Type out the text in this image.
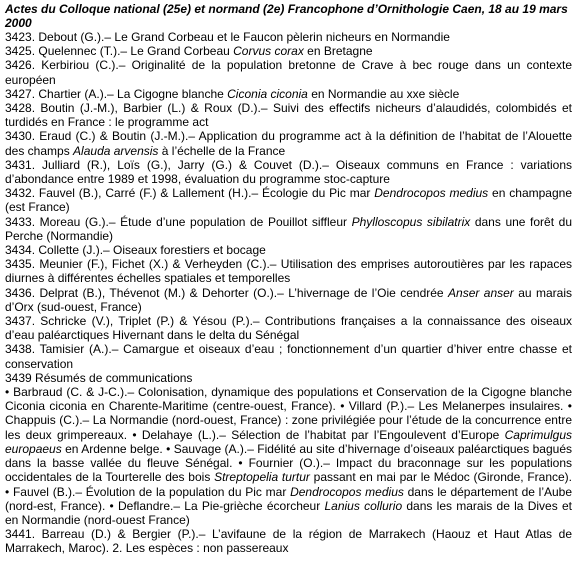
Actes du Colloque national (25e) et normand (2e) Francophone d’Ornithologie Caen, 18 au 19 mars 2000

3423. Debout (G.).– Le Grand Corbeau et le Faucon pèlerin nicheurs en Normandie

3425. Quelennec (T.).– Le Grand Corbeau Corvus corax en Bretagne

3426. Kerbiriou (C.).– Originalité de la population bretonne de Crave à bec rouge dans un contexte européen

3427. Chartier (A.).– La Cigogne blanche Ciconia ciconia en Normandie au xxe siècle

3428. Boutin (J.-M.), Barbier (L.) & Roux (D.).– Suivi des effectifs nicheurs d’alaudidés, colombidés et turdidés en France : le programme act

3430. Eraud (C.) & Boutin (J.-M.).– Application du programme act à la définition de l’habitat de l’Alouette des champs Alauda arvensis à l’échelle de la France

3431. Julliard (R.), Loïs (G.), Jarry (G.) & Couvet (D.).– Oiseaux communs en France : variations d’abondance entre 1989 et 1998, évaluation du programme stoc-capture

3432. Fauvel (B.), Carré (F.) & Lallement (H.).– Écologie du Pic mar Dendrocopos medius en champagne (est France)

3433. Moreau (G.).– Étude d’une population de Pouillot siffleur Phylloscopus sibilatrix dans une forêt du Perche (Normandie)

3434. Collette (J.).– Oiseaux forestiers et bocage

3435. Meunier (F.), Fichet (X.) & Verheyden (C.).– Utilisation des emprises autoroutières par les rapaces diurnes à différentes échelles spatiales et temporelles

3436. Delprat (B.), Thévenot (M.) & Dehorter (O.).– L’hivernage de l’Oie cendrée Anser anser au marais d’Orx (sud-ouest, France)

3437. Schricke (V.), Triplet (P.) & Yésou (P.).– Contributions françaises a la connaissance des oiseaux d’eau paléarctiques Hivernant dans le delta du Sénégal

3438. Tamisier (A.).– Camargue et oiseaux d’eau ; fonctionnement d’un quartier d’hiver entre chasse et conservation

3439 Résumés de communications

• Barbraud (C. & J-C.).– Colonisation, dynamique des populations et Conservation de la Cigogne blanche Ciconia ciconia en Charente-Maritime (centre-ouest, France). • Villard (P.).– Les Melanerpes insulaires. • Chappuis (C.).– La Normandie (nord-ouest, France) : zone privilégiée pour l’étude de la concurrence entre les deux grimpereaux. • Delahaye (L.).– Sélection de l’habitat par l’Engoulevent d’Europe Caprimulgus europaeus en Ardenne belge. • Sauvage (A.).– Fidélité au site d’hivernage d’oiseaux paléarctiques bagués dans la basse vallée du fleuve Sénégal. • Fournier (O.).– Impact du braconnage sur les populations occidentales de la Tourterelle des bois Streptopelia turtur passant en mai par le Médoc (Gironde, France). • Fauvel (B.).– Évolution de la population du Pic mar Dendrocopos medius dans le département de l’Aube (nord-est, France). • Deflandre.– La Pie-grièche écorcheur Lanius collurio dans les marais de la Dives et en Normandie (nord-ouest France)

3441. Barreau (D.) & Bergier (P.).– L’avifaune de la région de Marrakech (Haouz et Haut Atlas de Marrakech, Maroc). 2. Les espèces : non passereaux
